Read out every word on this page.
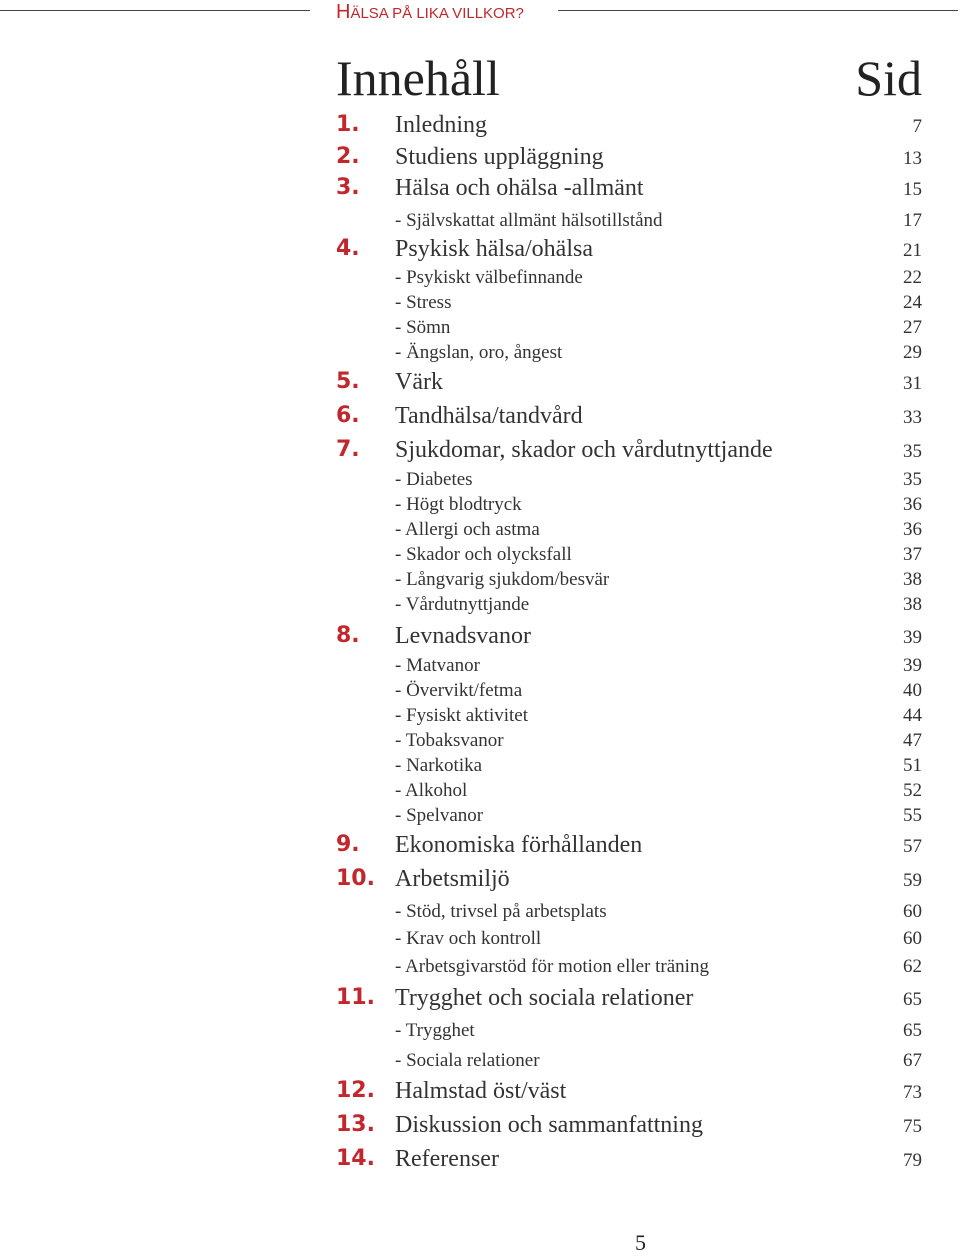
HÄLSA PÅ LIKA VILLKOR?
Innehåll	Sid
1. Inledning	7
2. Studiens uppläggning	13
3. Hälsa och ohälsa -allmänt	15
- Självskattat allmänt hälsotillstånd	17
4. Psykisk hälsa/ohälsa	21
- Psykiskt välbefinnande	22
- Stress	24
- Sömn	27
- Ängslan, oro, ångest	29
5. Värk	31
6. Tandhälsa/tandvård	33
7. Sjukdomar, skador och vårdutnyttjande	35
- Diabetes	35
- Högt blodtryck	36
- Allergi och astma	36
- Skador och olycksfall	37
- Långvarig sjukdom/besvär	38
- Vårdutnyttjande	38
8. Levnadsvanor	39
- Matvanor	39
- Övervikt/fetma	40
- Fysiskt aktivitet	44
- Tobaksvanor	47
- Narkotika	51
- Alkohol	52
- Spelvanor	55
9. Ekonomiska förhållanden	57
10. Arbetsmiljö	59
- Stöd, trivsel på arbetsplats	60
- Krav och kontroll	60
- Arbetsgivarstöd för motion eller träning	62
11. Trygghet och sociala relationer	65
- Trygghet	65
- Sociala relationer	67
12. Halmstad öst/väst	73
13. Diskussion och sammanfattning	75
14. Referenser	79
5
